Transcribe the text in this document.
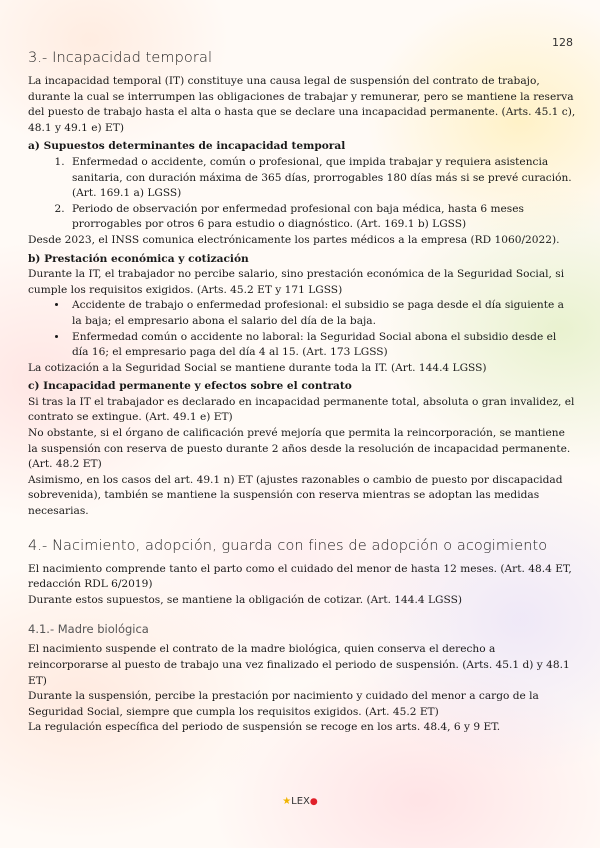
128
3.- Incapacidad temporal

La incapacidad temporal (IT) constituye una causa legal de suspensión del contrato de trabajo, durante la cual se interrumpen las obligaciones de trabajar y remunerar, pero se mantiene la reserva del puesto de trabajo hasta el alta o hasta que se declare una incapacidad permanente. (Arts. 45.1 c), 48.1 y 49.1 e) ET)

a) Supuestos determinantes de incapacidad temporal
1. Enfermedad o accidente, común o profesional, que impida trabajar y requiera asistencia sanitaria, con duración máxima de 365 días, prorrogables 180 días más si se prevé curación. (Art. 169.1 a) LGSS)
2. Periodo de observación por enfermedad profesional con baja médica, hasta 6 meses prorrogables por otros 6 para estudio o diagnóstico. (Art. 169.1 b) LGSS)

Desde 2023, el INSS comunica electrónicamente los partes médicos a la empresa (RD 1060/2022).

b) Prestación económica y cotización

Durante la IT, el trabajador no percibe salario, sino prestación económica de la Seguridad Social, si cumple los requisitos exigidos. (Arts. 45.2 ET y 171 LGSS)

• Accidente de trabajo o enfermedad profesional: el subsidio se paga desde el día siguiente a la baja; el empresario abona el salario del día de la baja.
• Enfermedad común o accidente no laboral: la Seguridad Social abona el subsidio desde el día 16; el empresario paga del día 4 al 15. (Art. 173 LGSS)

La cotización a la Seguridad Social se mantiene durante toda la IT. (Art. 144.4 LGSS)

c) Incapacidad permanente y efectos sobre el contrato

Si tras la IT el trabajador es declarado en incapacidad permanente total, absoluta o gran invalidez, el contrato se extingue. (Art. 49.1 e) ET)

No obstante, si el órgano de calificación prevé mejoría que permita la reincorporación, se mantiene la suspensión con reserva de puesto durante 2 años desde la resolución de incapacidad permanente. (Art. 48.2 ET)

Asimismo, en los casos del art. 49.1 n) ET (ajustes razonables o cambio de puesto por discapacidad sobrevenida), también se mantiene la suspensión con reserva mientras se adoptan las medidas necesarias.

4.- Nacimiento, adopción, guarda con fines de adopción o acogimiento

El nacimiento comprende tanto el parto como el cuidado del menor de hasta 12 meses. (Art. 48.4 ET, redacción RDL 6/2019)

Durante estos supuestos, se mantiene la obligación de cotizar. (Art. 144.4 LGSS)

4.1.- Madre biológica

El nacimiento suspende el contrato de la madre biológica, quien conserva el derecho a reincorporarse al puesto de trabajo una vez finalizado el periodo de suspensión. (Arts. 45.1 d) y 48.1 ET)

Durante la suspensión, percibe la prestación por nacimiento y cuidado del menor a cargo de la Seguridad Social, siempre que cumpla los requisitos exigidos. (Art. 45.2 ET)

La regulación específica del periodo de suspensión se recoge en los arts. 48.4, 6 y 9 ET.

★LEX●
